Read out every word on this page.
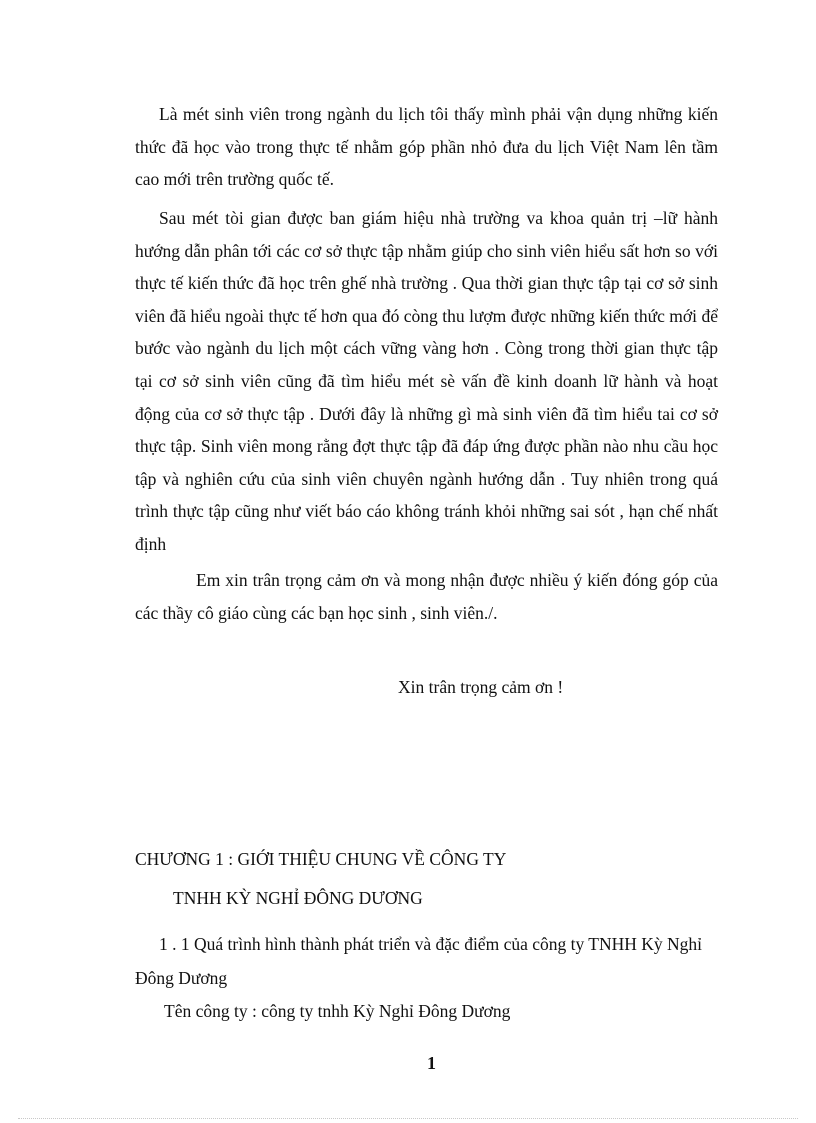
Là mét sinh viên trong ngành du lịch tôi thấy mình phải vận dụng những kiến thức đã học vào trong thực tế nhằm góp phần nhỏ đưa du lịch Việt Nam lên tầm cao mới trên trường quốc tế.

Sau mét tòi gian được ban giám hiệu nhà trường va khoa quản trị –lữ hành hướng dẫn phân tới các cơ sở thực tập nhằm giúp cho sinh viên hiểu sất hơn so với thực tế kiến thức đã học trên ghế nhà trường . Qua thời gian thực tập tại cơ sở sinh viên đã hiểu ngoài thực tế hơn qua đó còng thu lượm được những kiến thức mới để bước vào ngành du lịch một cách vững vàng hơn . Còng trong thời gian thực tập tại cơ sở sinh viên cũng đã tìm hiểu mét sè vấn đề kinh doanh lữ hành và hoạt động của cơ sở thực tập . Dưới đây là những gì mà sinh viên đã tìm hiểu tai cơ sở thực tập. Sinh viên mong rằng đợt thực tập đã đáp ứng được phần nào nhu cầu học tập và nghiên cứu của sinh viên chuyên ngành hướng dẫn . Tuy nhiên trong quá trình thực tập cũng như viết báo cáo không tránh khỏi những sai sót , hạn chế nhất định

Em xin trân trọng cảm ơn và mong nhận được nhiều ý kiến đóng góp của các thầy cô giáo cùng các bạn học sinh , sinh viên./.

Xin trân trọng cảm ơn !

CHƯƠNG 1 : GIỚI THIỆU CHUNG VỀ CÔNG TY

TNHH KỲ NGHỈ ĐÔNG DƯƠNG

1 . 1 Quá trình hình thành phát triển và đặc điểm của công ty TNHH Kỳ Nghỉ Đông Dương

Tên công ty : công ty tnhh Kỳ Nghỉ Đông Dương

1
